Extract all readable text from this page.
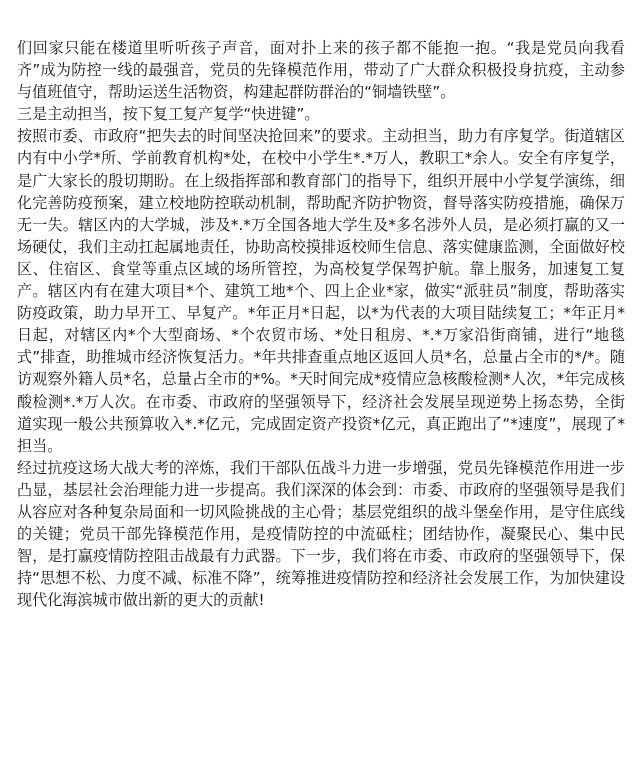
们回家只能在楼道里听听孩子声音，面对扑上来的孩子都不能抱一抱。“我是党员向我看齐”成为防控一线的最强音，党员的先锋模范作用，带动了广大群众积极投身抗疫，主动参与值班值守，帮助运送生活物资，构建起群防群治的“铜墙铁壁”。

三是主动担当，按下复工复产复学“快进键”。

按照市委、市政府“把失去的时间坚决抢回来”的要求。主动担当，助力有序复学。街道辖区内有中小学*所、学前教育机构*处，在校中小学生*.*万人，教职工*余人。安全有序复学，是广大家长的殷切期盼。在上级指挥部和教育部门的指导下，组织开展中小学复学演练，细化完善防疫预案，建立校地防控联动机制，帮助配齐防护物资，督导落实防疫措施，确保万无一失。辖区内的大学城，涉及*.*万全国各地大学生及*多名涉外人员，是必须打赢的又一场硬仗，我们主动扛起属地责任，协助高校摸排返校师生信息、落实健康监测，全面做好校区、住宿区、食堂等重点区域的场所管控，为高校复学保驾护航。靠上服务，加速复工复产。辖区内有在建大项目*个、建筑工地*个、四上企业*家，做实“派驻员”制度，帮助落实防疫政策，助力早开工、早复产。*年正月*日起，以*为代表的大项目陆续复工；*年正月*日起，对辖区内*个大型商场、*个农贸市场、*处日租房、*.*万家沿街商铺，进行“地毯式”排查，助推城市经济恢复活力。*年共排查重点地区返回人员*名，总量占全市的*/*。随访观察外籍人员*名，总量占全市的*%。*天时间完成*疫情应急核酸检测*人次，*年完成核酸检测*.*万人次。在市委、市政府的坚强领导下，经济社会发展呈现逆势上扬态势，全街道实现一般公共预算收入*.*亿元，完成固定资产投资*亿元，真正跑出了“*速度”，展现了*担当。

经过抗疫这场大战大考的淬炼，我们干部队伍战斗力进一步增强，党员先锋模范作用进一步凸显，基层社会治理能力进一步提高。我们深深的体会到：市委、市政府的坚强领导是我们从容应对各种复杂局面和一切风险挑战的主心骨；基层党组织的战斗堡垒作用，是守住底线的关键；党员干部先锋模范作用，是疫情防控的中流砥柱；团结协作，凝聚民心、集中民智，是打赢疫情防控阻击战最有力武器。下一步，我们将在市委、市政府的坚强领导下，保持“思想不松、力度不减、标准不降”，统筹推进疫情防控和经济社会发展工作，为加快建设现代化海滨城市做出新的更大的贡献!
